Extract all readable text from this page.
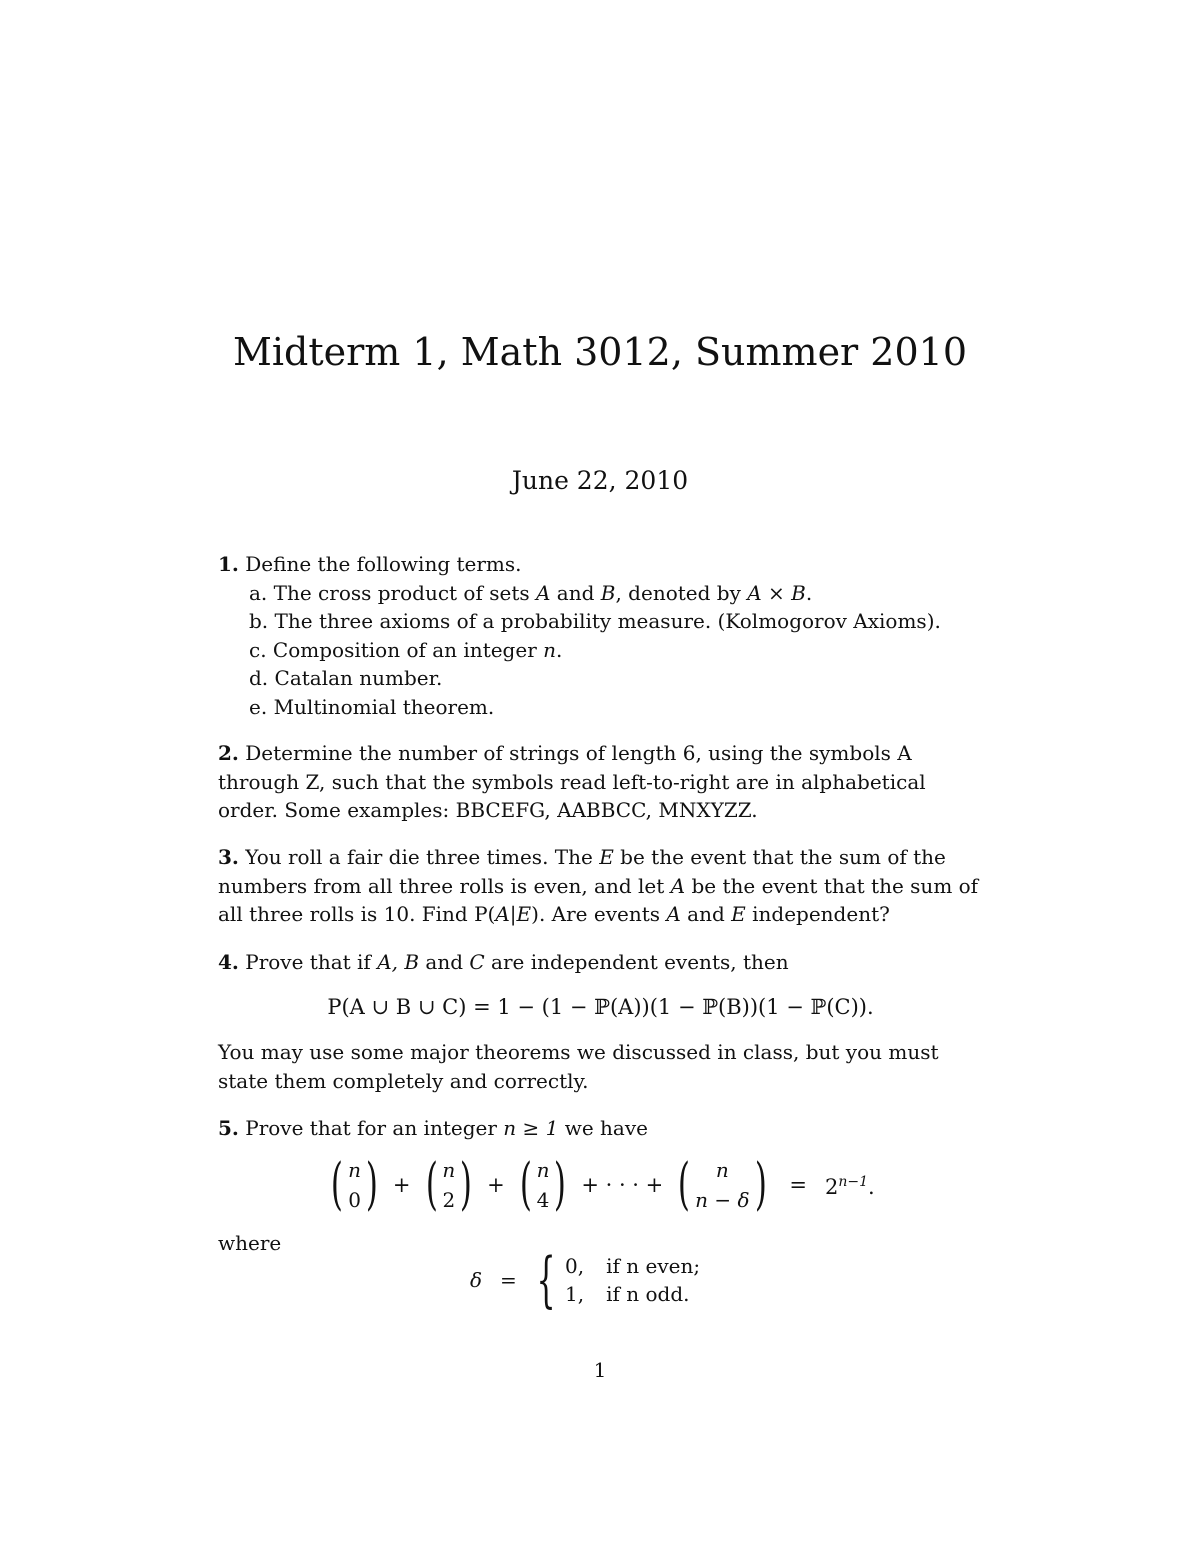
Midterm 1, Math 3012, Summer 2010
June 22, 2010
1. Define the following terms.
a. The cross product of sets A and B, denoted by A × B.
b. The three axioms of a probability measure. (Kolmogorov Axioms).
c. Composition of an integer n.
d. Catalan number.
e. Multinomial theorem.
2. Determine the number of strings of length 6, using the symbols A through Z, such that the symbols read left-to-right are in alphabetical order. Some examples: BBCEFG, AABBCC, MNXYZZ.
3. You roll a fair die three times. The E be the event that the sum of the numbers from all three rolls is even, and let A be the event that the sum of all three rolls is 10. Find P(A|E). Are events A and E independent?
4. Prove that if A, B and C are independent events, then
P(A ∪ B ∪ C) = 1 − (1 − ℙ(A))(1 − ℙ(B))(1 − ℙ(C)).
You may use some major theorems we discussed in class, but you must state them completely and correctly.
5. Prove that for an integer n ≥ 1 we have
( n
0 ) + ( n
2 ) + ( n
4 ) + · · · + ( n
n − δ )	= $2^{n-1}$.
where
δ = { 0, if n even;
1, if n odd.
1
